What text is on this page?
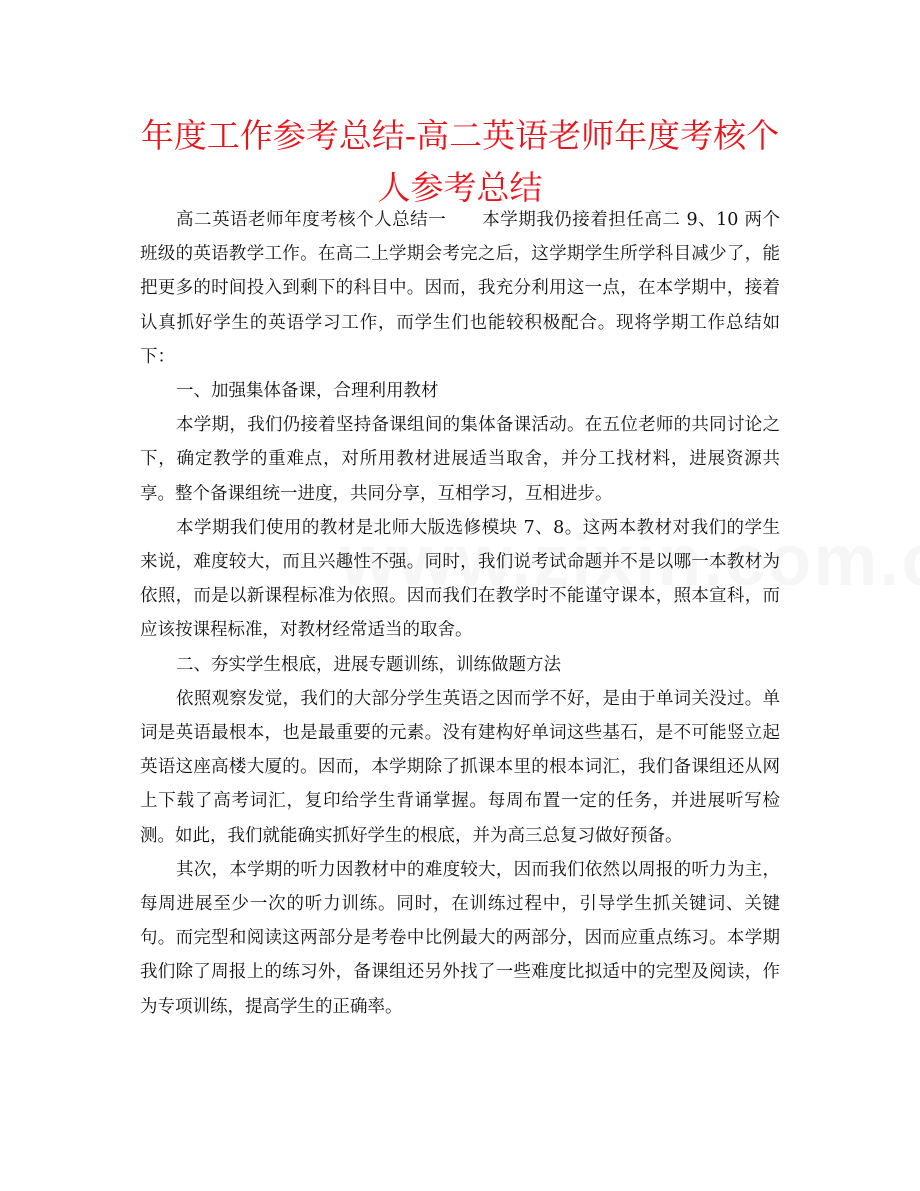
年度工作参考总结-高二英语老师年度考核个人参考总结

高二英语老师年度考核个人总结一　　本学期我仍接着担任高二 9、10 两个班级的英语教学工作。在高二上学期会考完之后，这学期学生所学科目减少了，能把更多的时间投入到剩下的科目中。因而，我充分利用这一点，在本学期中，接着认真抓好学生的英语学习工作，而学生们也能较积极配合。现将学期工作总结如下：

一、加强集体备课，合理利用教材

本学期，我们仍接着坚持备课组间的集体备课活动。在五位老师的共同讨论之下，确定教学的重难点，对所用教材进展适当取舍，并分工找材料，进展资源共享。整个备课组统一进度，共同分享，互相学习，互相进步。

本学期我们使用的教材是北师大版选修模块 7、8。这两本教材对我们的学生来说，难度较大，而且兴趣性不强。同时，我们说考试命题并不是以哪一本教材为依照，而是以新课程标准为依照。因而我们在教学时不能谨守课本，照本宣科，而应该按课程标准，对教材经常适当的取舍。

二、夯实学生根底，进展专题训练，训练做题方法

依照观察发觉，我们的大部分学生英语之因而学不好，是由于单词关没过。单词是英语最根本，也是最重要的元素。没有建构好单词这些基石，是不可能竖立起英语这座高楼大厦的。因而，本学期除了抓课本里的根本词汇，我们备课组还从网上下载了高考词汇，复印给学生背诵掌握。每周布置一定的任务，并进展听写检测。如此，我们就能确实抓好学生的根底，并为高三总复习做好预备。

其次，本学期的听力因教材中的难度较大，因而我们依然以周报的听力为主，每周进展至少一次的听力训练。同时，在训练过程中，引导学生抓关键词、关键句。而完型和阅读这两部分是考卷中比例最大的两部分，因而应重点练习。本学期我们除了周报上的练习外，备课组还另外找了一些难度比拟适中的完型及阅读，作为专项训练，提高学生的正确率。
